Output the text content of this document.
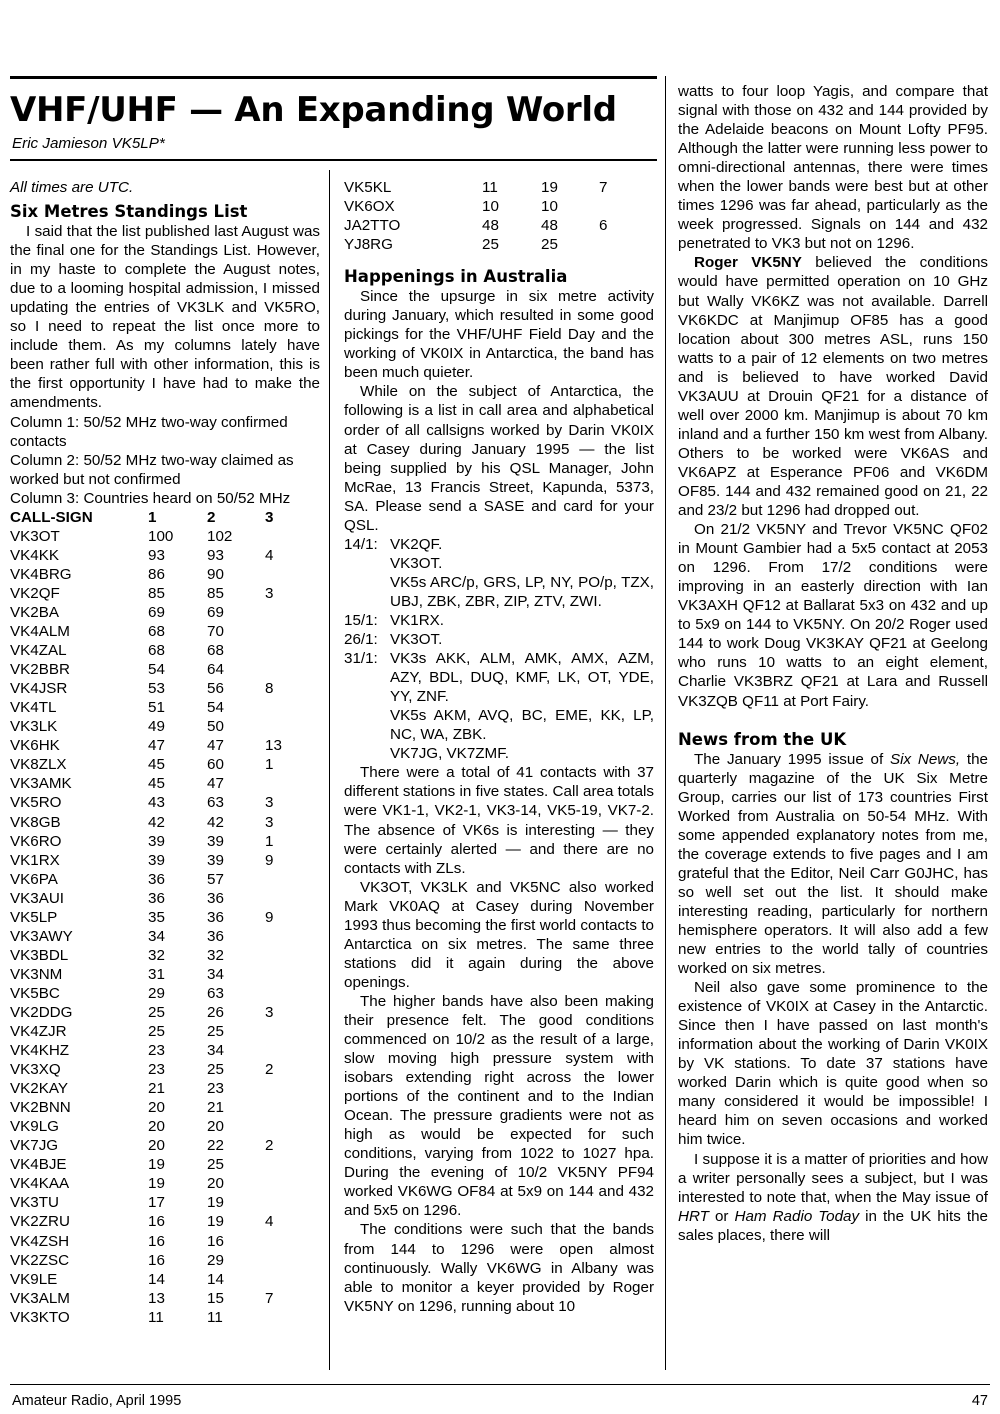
VHF/UHF — An Expanding World
Eric Jamieson VK5LP*

All times are UTC.

Six Metres Standings List

I said that the list published last August was the final one for the Standings List. However, in my haste to complete the August notes, due to a looming hospital admission, I missed updating the entries of VK3LK and VK5RO, so I need to repeat the list once more to include them. As my columns lately have been rather full with other information, this is the first opportunity I have had to make the amendments.

Column 1: 50/52 MHz two-way confirmed contacts

Column 2: 50/52 MHz two-way claimed as worked but not confirmed

Column 3: Countries heard on 50/52 MHz

CALL-SIGN	1	2	3
VK3OT	100	102	
VK4KK	93	93	4
VK4BRG	86	90	
VK2QF	85	85	3
VK2BA	69	69	
VK4ALM	68	70	
VK4ZAL	68	68	
VK2BBR	54	64	
VK4JSR	53	56	8
VK4TL	51	54	
VK3LK	49	50	
VK6HK	47	47	13
VK8ZLX	45	60	1
VK3AMK	45	47	
VK5RO	43	63	3
VK8GB	42	42	3
VK6RO	39	39	1
VK1RX	39	39	9
VK6PA	36	57	
VK3AUI	36	36	
VK5LP	35	36	9
VK3AWY	34	36	
VK3BDL	32	32	
VK3NM	31	34	
VK5BC	29	63	
VK2DDG	25	26	3
VK4ZJR	25	25	
VK4KHZ	23	34	
VK3XQ	23	25	2
VK2KAY	21	23	
VK2BNN	20	21	
VK9LG	20	20	
VK7JG	20	22	2
VK4BJE	19	25	
VK4KAA	19	20	
VK3TU	17	19	
VK2ZRU	16	19	4
VK4ZSH	16	16	
VK2ZSC	16	29	
VK9LE	14	14	
VK3ALM	13	15	7
VK3KTO	11	11	
VK5KL	11	19	7
VK6OX	10	10	
JA2TTO	48	48	6
YJ8RG	25	25	
Happenings in Australia

Since the upsurge in six metre activity during January, which resulted in some good pickings for the VHF/UHF Field Day and the working of VK0IX in Antarctica, the band has been much quieter.

While on the subject of Antarctica, the following is a list in call area and alphabetical order of all callsigns worked by Darin VK0IX at Casey during January 1995 — the list being supplied by his QSL Manager, John McRae, 13 Francis Street, Kapunda, 5373, SA. Please send a SASE and card for your QSL.

14/1: VK2QF.
VK3OT.
VK5s ARC/p, GRS, LP, NY, PO/p, TZX, UBJ, ZBK, ZBR, ZIP, ZTV, ZWI.
15/1: VK1RX.
26/1: VK3OT.
31/1: VK3s AKK, ALM, AMK, AMX, AZM, AZY, BDL, DUQ, KMF, LK, OT, YDE, YY, ZNF.
VK5s AKM, AVQ, BC, EME, KK, LP, NC, WA, ZBK.
VK7JG, VK7ZMF.

There were a total of 41 contacts with 37 different stations in five states. Call area totals were VK1-1, VK2-1, VK3-14, VK5-19, VK7-2. The absence of VK6s is interesting — they were certainly alerted — and there are no contacts with ZLs.

VK3OT, VK3LK and VK5NC also worked Mark VK0AQ at Casey during November 1993 thus becoming the first world contacts to Antarctica on six metres. The same three stations did it again during the above openings.

The higher bands have also been making their presence felt. The good conditions commenced on 10/2 as the result of a large, slow moving high pressure system with isobars extending right across the lower portions of the continent and to the Indian Ocean. The pressure gradients were not as high as would be expected for such conditions, varying from 1022 to 1027 hpa. During the evening of 10/2 VK5NY PF94 worked VK6WG OF84 at 5x9 on 144 and 432 and 5x5 on 1296.

The conditions were such that the bands from 144 to 1296 were open almost continuously. Wally VK6WG in Albany was able to monitor a keyer provided by Roger VK5NY on 1296, running about 10

watts to four loop Yagis, and compare that signal with those on 432 and 144 provided by the Adelaide beacons on Mount Lofty PF95. Although the latter were running less power to omni-directional antennas, there were times when the lower bands were best but at other times 1296 was far ahead, particularly as the week progressed. Signals on 144 and 432 penetrated to VK3 but not on 1296.

Roger VK5NY believed the conditions would have permitted operation on 10 GHz but Wally VK6KZ was not available. Darrell VK6KDC at Manjimup OF85 has a good location about 300 metres ASL, runs 150 watts to a pair of 12 elements on two metres and is believed to have worked David VK3AUU at Drouin QF21 for a distance of well over 2000 km. Manjimup is about 70 km inland and a further 150 km west from Albany. Others to be worked were VK6AS and VK6APZ at Esperance PF06 and VK6DM OF85. 144 and 432 remained good on 21, 22 and 23/2 but 1296 had dropped out.

On 21/2 VK5NY and Trevor VK5NC QF02 in Mount Gambier had a 5x5 contact at 2053 on 1296. From 17/2 conditions were improving in an easterly direction with Ian VK3AXH QF12 at Ballarat 5x3 on 432 and up to 5x9 on 144 to VK5NY. On 20/2 Roger used 144 to work Doug VK3KAY QF21 at Geelong who runs 10 watts to an eight element, Charlie VK3BRZ QF21 at Lara and Russell VK3ZQB QF11 at Port Fairy.

News from the UK

The January 1995 issue of Six News, the quarterly magazine of the UK Six Metre Group, carries our list of 173 countries First Worked from Australia on 50-54 MHz. With some appended explanatory notes from me, the coverage extends to five pages and I am grateful that the Editor, Neil Carr G0JHC, has so well set out the list. It should make interesting reading, particularly for northern hemisphere operators. It will also add a few new entries to the world tally of countries worked on six metres.

Neil also gave some prominence to the existence of VK0IX at Casey in the Antarctic. Since then I have passed on last month's information about the working of Darin VK0IX by VK stations. To date 37 stations have worked Darin which is quite good when so many considered it would be impossible! I heard him on seven occasions and worked him twice.

I suppose it is a matter of priorities and how a writer personally sees a subject, but I was interested to note that, when the May issue of HRT or Ham Radio Today in the UK hits the sales places, there will

Amateur Radio, April 1995	47
